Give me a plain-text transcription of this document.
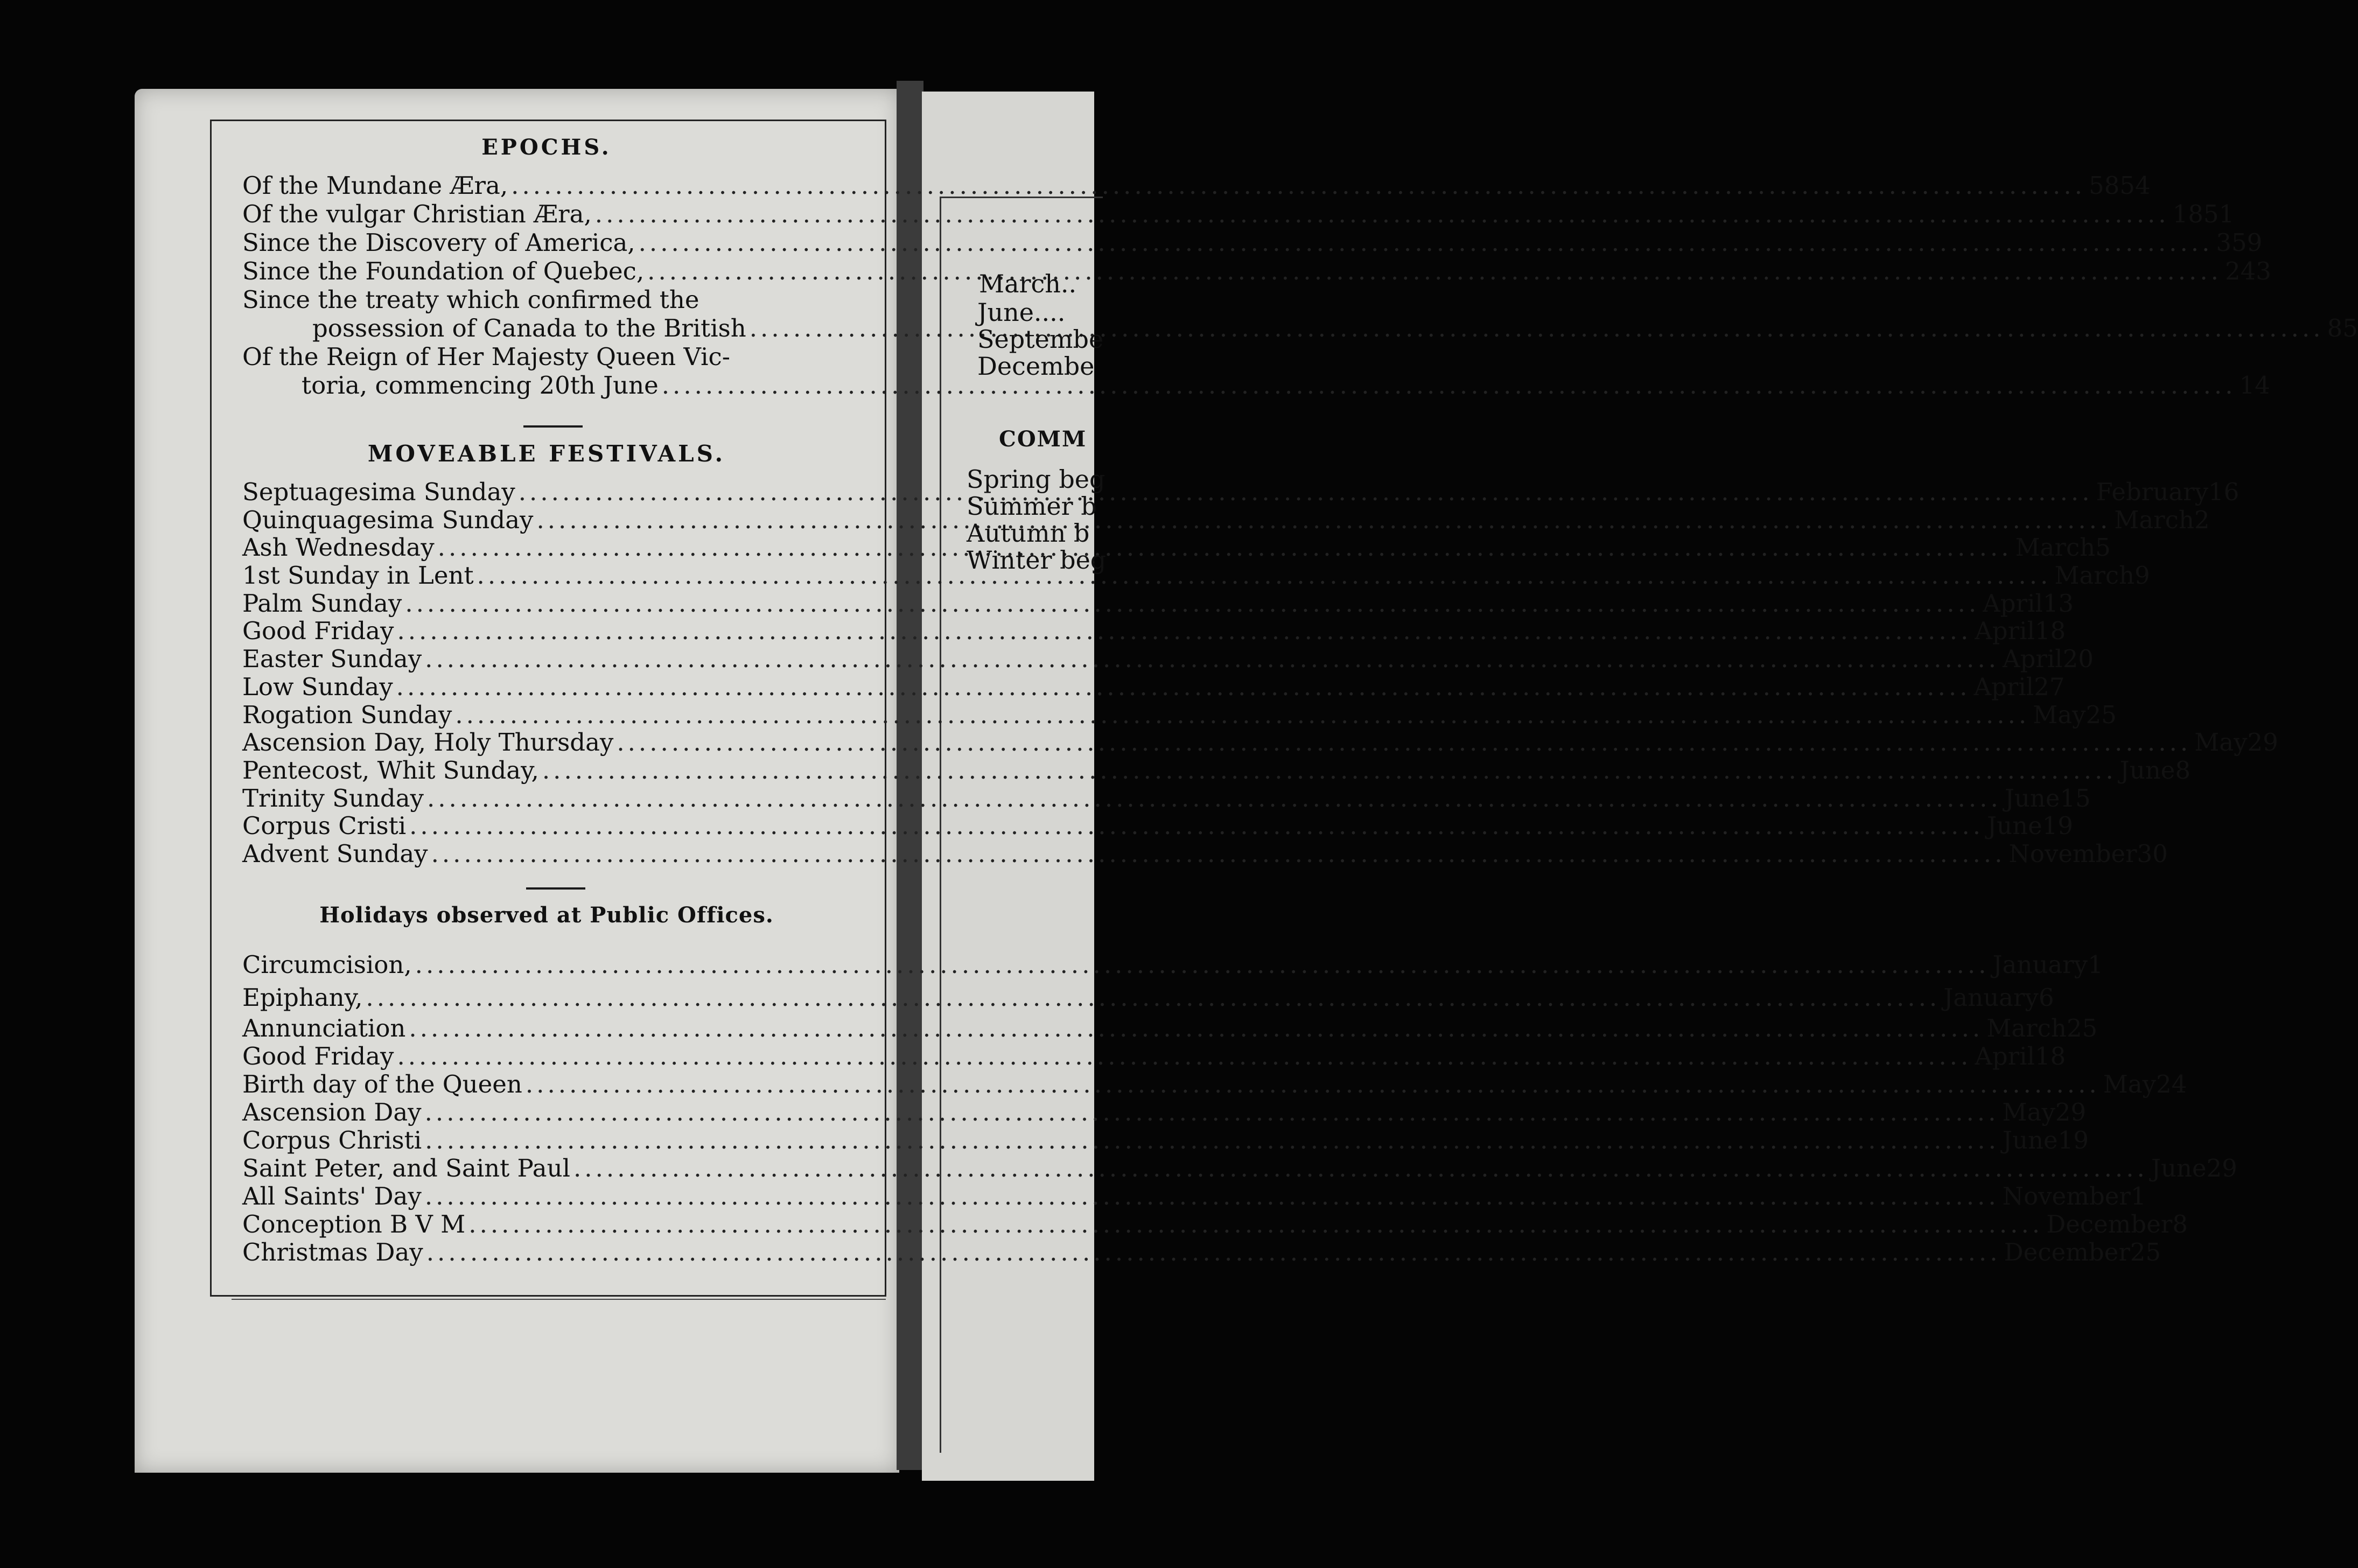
EPOCHS.
Of the Mundane Æra, .....	5854
Of the vulgar Christian Æra, .....	1851
Since the Discovery of America, .....	359
Since the Foundation of Quebec, .....	243
Since the treaty which confirmed the
possession of Canada to the British .....	85
Of the Reign of Her Majesty Queen Vic-
toria, commencing 20th June .....	14
MOVEABLE FESTIVALS.
Septuagesima Sunday .....	February 16
Quinquagesima Sunday .....	March 2
Ash Wednesday .....	March 5
1st Sunday in Lent .....	March 9
Palm Sunday .....	April 13
Good Friday .....	April 18
Easter Sunday .....	April 20
Low Sunday .....	April 27
Rogation Sunday .....	May 25
Ascension Day, Holy Thursday .....	May 29
Pentecost, Whit Sunday, .....	June 8
Trinity Sunday .....	June 15
Corpus Cristi .....	June 19
Advent Sunday .....	November 30
Holidays observed at Public Offices.
Circumcision, .....	January 1
Epiphany, .....	January 6
Annunciation .....	March 25
Good Friday .....	April 18
Birth day of the Queen .....	May 24
Ascension Day .....	May 29
Corpus Christi .....	June 19
Saint Peter, and Saint Paul .....	June 29
All Saints' Day .....	November 1
Conception B V M .....	December 8
Christmas Day .....	December 25
March..
June....
Septembe
Decembe
COMM
Spring beg
Summer b
Autumn b
Winter beg
